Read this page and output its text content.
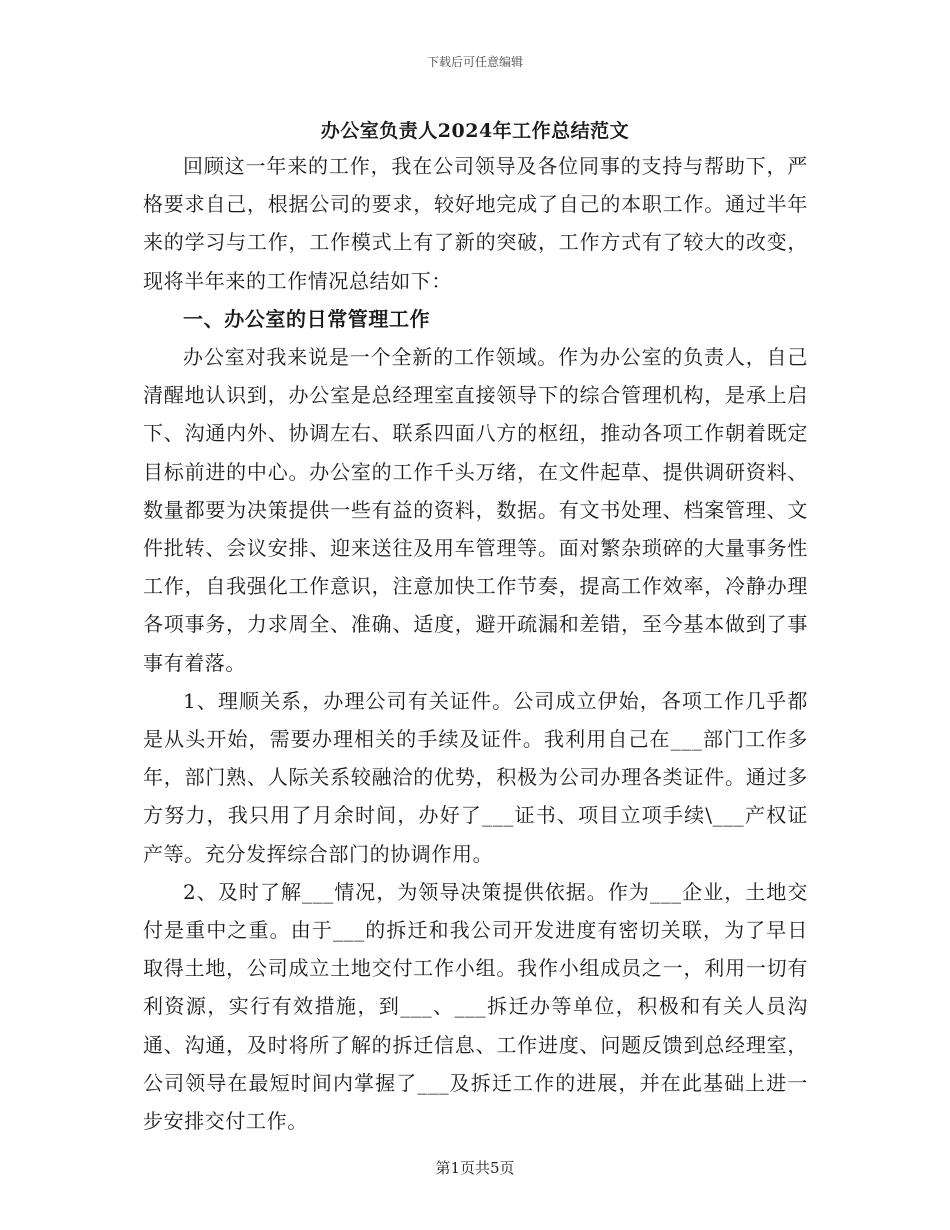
下载后可任意编辑
办公室负责人2024年工作总结范文

回顾这一年来的工作，我在公司领导及各位同事的支持与帮助下，严格要求自己，根据公司的要求，较好地完成了自己的本职工作。通过半年来的学习与工作，工作模式上有了新的突破，工作方式有了较大的改变，现将半年来的工作情况总结如下：

一、办公室的日常管理工作

办公室对我来说是一个全新的工作领域。作为办公室的负责人，自己清醒地认识到，办公室是总经理室直接领导下的综合管理机构，是承上启下、沟通内外、协调左右、联系四面八方的枢纽，推动各项工作朝着既定目标前进的中心。办公室的工作千头万绪，在文件起草、提供调研资料、数量都要为决策提供一些有益的资料，数据。有文书处理、档案管理、文件批转、会议安排、迎来送往及用车管理等。面对繁杂琐碎的大量事务性工作，自我强化工作意识，注意加快工作节奏，提高工作效率，冷静办理各项事务，力求周全、准确、适度，避开疏漏和差错，至今基本做到了事事有着落。

1、理顺关系，办理公司有关证件。公司成立伊始，各项工作几乎都是从头开始，需要办理相关的手续及证件。我利用自己在___部门工作多年，部门熟、人际关系较融洽的优势，积极为公司办理各类证件。通过多方努力，我只用了月余时间，办好了___证书、项目立项手续\___产权证产等。充分发挥综合部门的协调作用。

2、及时了解___情况，为领导决策提供依据。作为___企业，土地交付是重中之重。由于___的拆迁和我公司开发进度有密切关联，为了早日取得土地，公司成立土地交付工作小组。我作小组成员之一，利用一切有利资源，实行有效措施，到___、___拆迁办等单位，积极和有关人员沟通、沟通，及时将所了解的拆迁信息、工作进度、问题反馈到总经理室，公司领导在最短时间内掌握了___及拆迁工作的进展，并在此基础上进一步安排交付工作。

第1页共5页
